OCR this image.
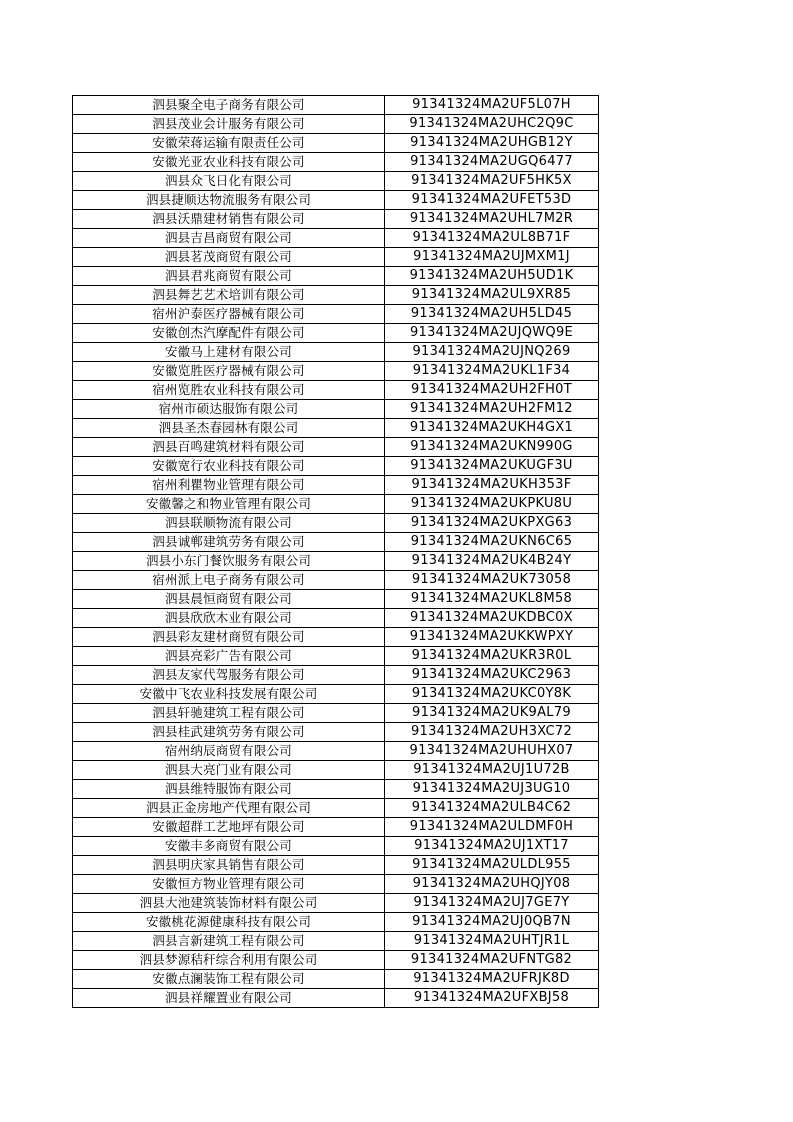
泗县聚全电子商务有限公司	91341324MA2UF5L07H
泗县茂业会计服务有限公司	91341324MA2UHC2Q9C
安徽荣蒋运输有限责任公司	91341324MA2UHGB12Y
安徽光亚农业科技有限公司	91341324MA2UGQ6477
泗县众飞日化有限公司	91341324MA2UF5HK5X
泗县捷顺达物流服务有限公司	91341324MA2UFET53D
泗县沃鼎建材销售有限公司	91341324MA2UHL7M2R
泗县吉昌商贸有限公司	91341324MA2UL8B71F
泗县茗茂商贸有限公司	91341324MA2UJMXM1J
泗县君兆商贸有限公司	91341324MA2UH5UD1K
泗县舞艺艺术培训有限公司	91341324MA2UL9XR85
宿州沪泰医疗器械有限公司	91341324MA2UH5LD45
安徽创杰汽摩配件有限公司	91341324MA2UJQWQ9E
安徽马上建材有限公司	91341324MA2UJNQ269
安徽览胜医疗器械有限公司	91341324MA2UKL1F34
宿州览胜农业科技有限公司	91341324MA2UH2FH0T
宿州市硕达服饰有限公司	91341324MA2UH2FM12
泗县圣杰春园林有限公司	91341324MA2UKH4GX1
泗县百鸣建筑材料有限公司	91341324MA2UKN990G
安徽宽行农业科技有限公司	91341324MA2UKUGF3U
宿州利瞿物业管理有限公司	91341324MA2UKH353F
安徽馨之和物业管理有限公司	91341324MA2UKPKU8U
泗县联顺物流有限公司	91341324MA2UKPXG63
泗县诚郸建筑劳务有限公司	91341324MA2UKN6C65
泗县小东门餐饮服务有限公司	91341324MA2UK4B24Y
宿州派上电子商务有限公司	91341324MA2UK73058
泗县晨恒商贸有限公司	91341324MA2UKL8M58
泗县欣欣木业有限公司	91341324MA2UKDBC0X
泗县彩友建材商贸有限公司	91341324MA2UKKWPXY
泗县亮彩广告有限公司	91341324MA2UKR3R0L
泗县友家代驾服务有限公司	91341324MA2UKC2963
安徽中飞农业科技发展有限公司	91341324MA2UKC0Y8K
泗县轩驰建筑工程有限公司	91341324MA2UK9AL79
泗县桂武建筑劳务有限公司	91341324MA2UH3XC72
宿州纳辰商贸有限公司	91341324MA2UHUHX07
泗县大亮门业有限公司	91341324MA2UJ1U72B
泗县维特服饰有限公司	91341324MA2UJ3UG10
泗县正金房地产代理有限公司	91341324MA2ULB4C62
安徽超群工艺地坪有限公司	91341324MA2ULDMF0H
安徽丰多商贸有限公司	91341324MA2UJ1XT17
泗县明庆家具销售有限公司	91341324MA2ULDL955
安徽恒方物业管理有限公司	91341324MA2UHQJY08
泗县大池建筑装饰材料有限公司	91341324MA2UJ7GE7Y
安徽桃花源健康科技有限公司	91341324MA2UJ0QB7N
泗县言新建筑工程有限公司	91341324MA2UHTJR1L
泗县梦源秸秆综合利用有限公司	91341324MA2UFNTG82
安徽点澜装饰工程有限公司	91341324MA2UFRJK8D
泗县祥耀置业有限公司	91341324MA2UFXBJ58
